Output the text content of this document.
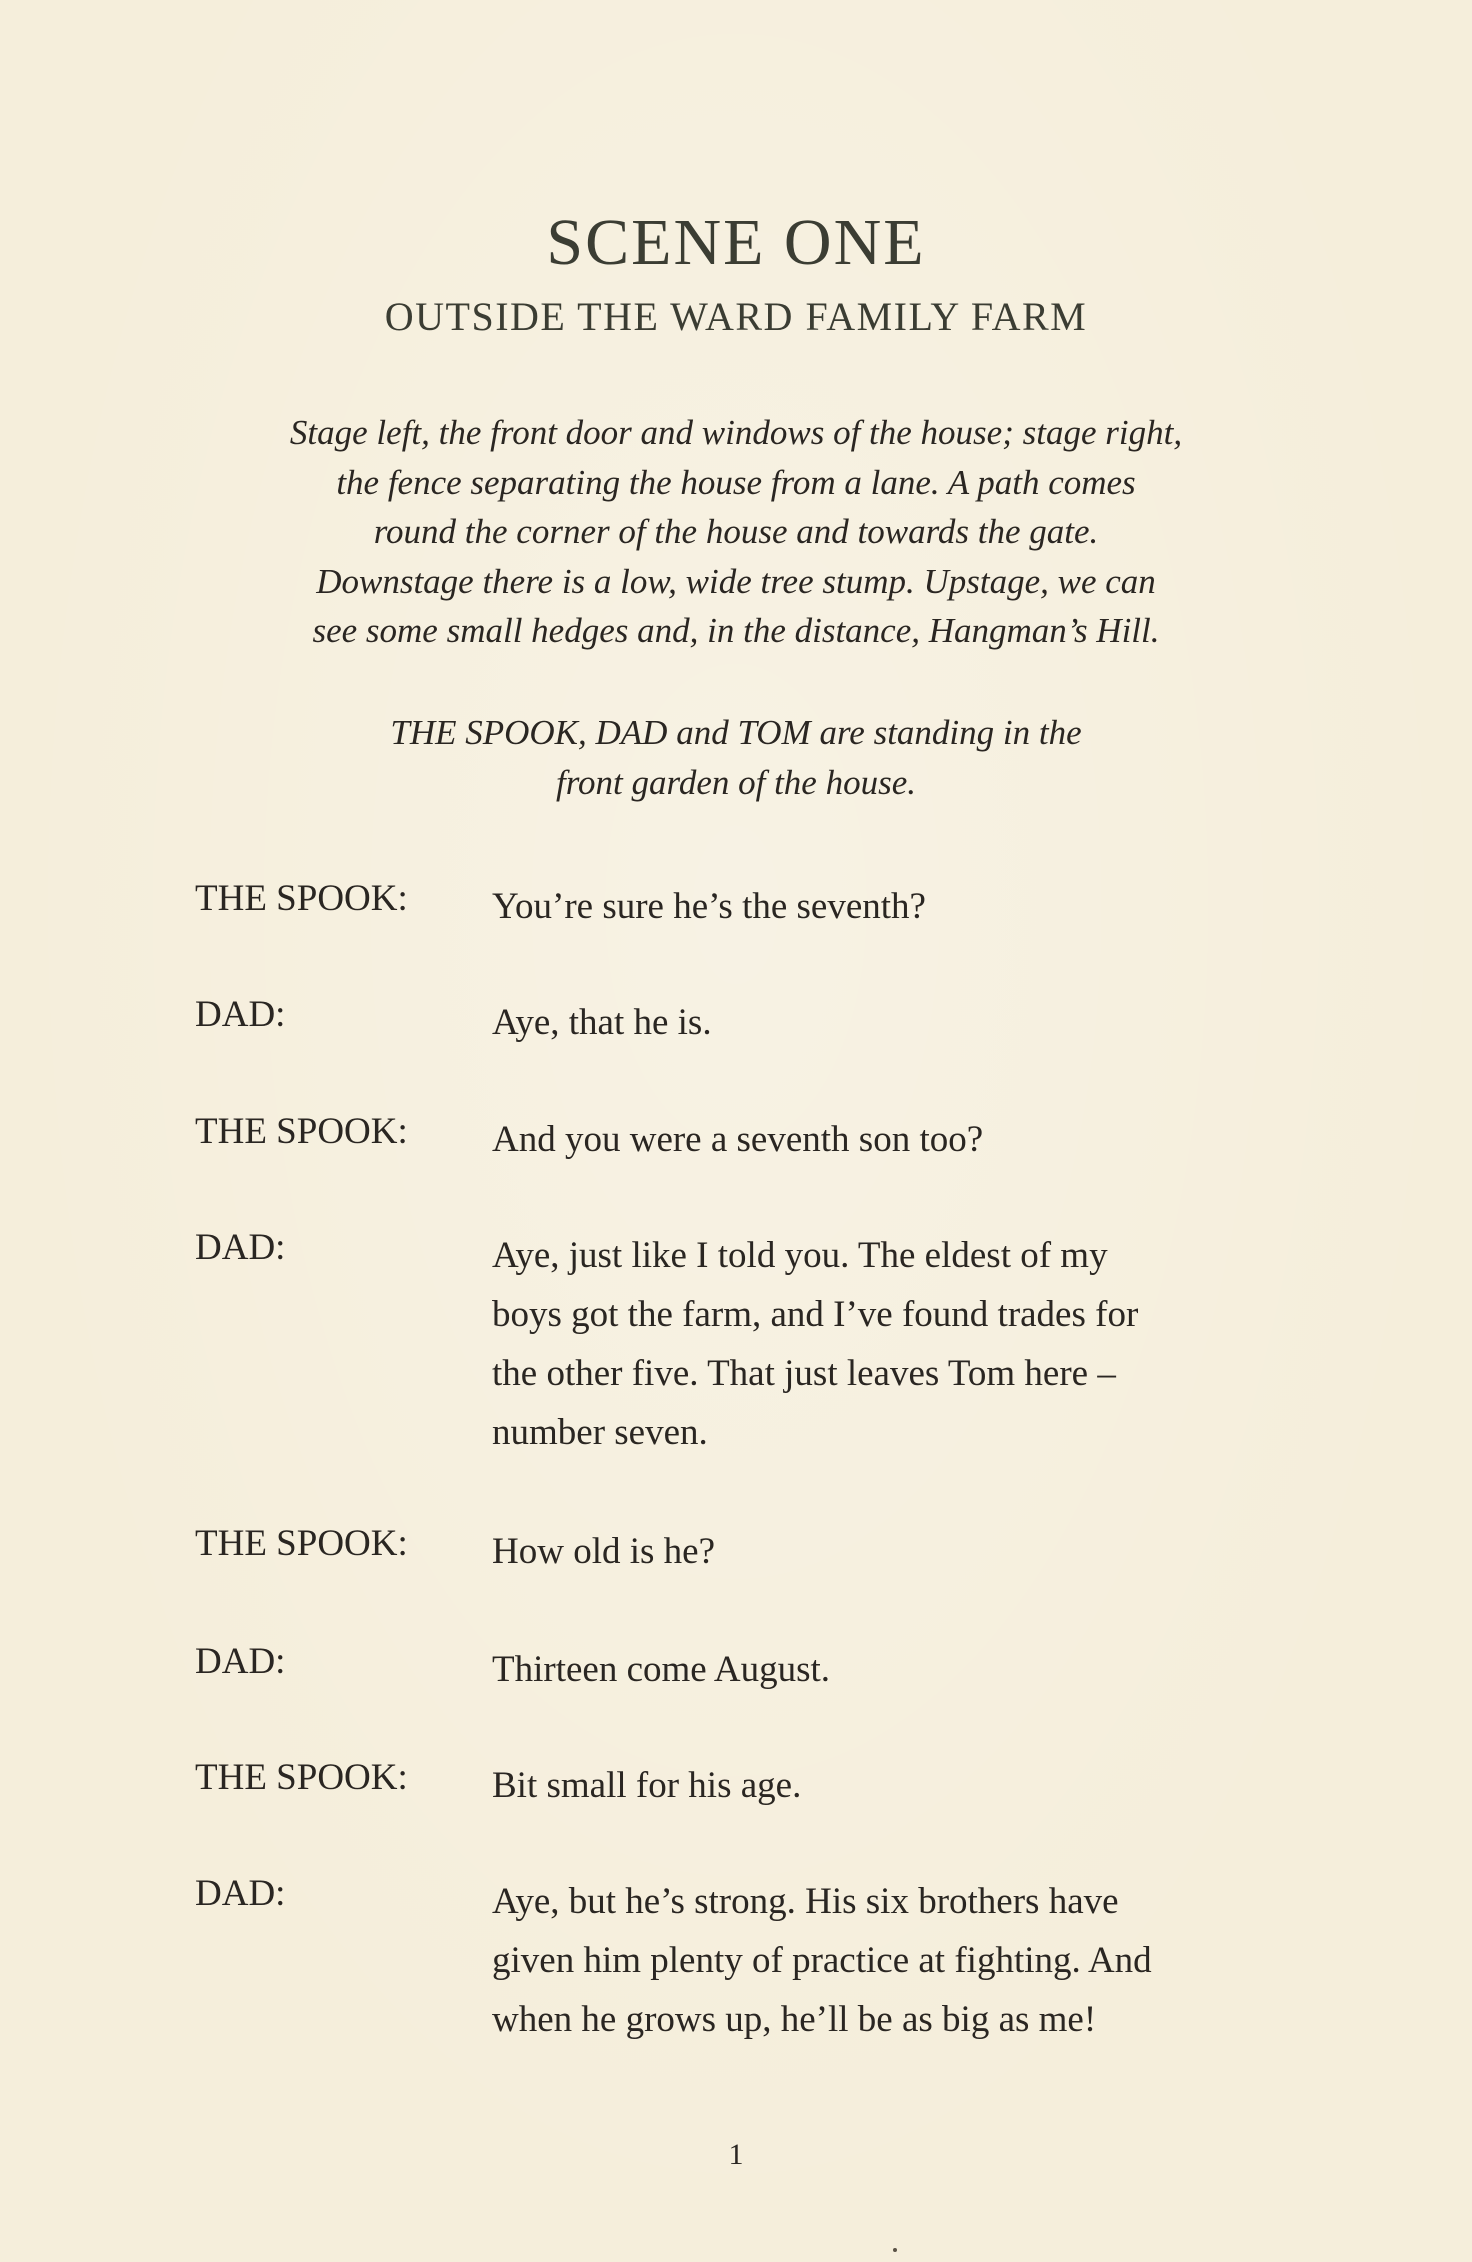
SCENE ONE
OUTSIDE THE WARD FAMILY FARM
Stage left, the front door and windows of the house; stage right,
the fence separating the house from a lane. A path comes
round the corner of the house and towards the gate.
Downstage there is a low, wide tree stump. Upstage, we can
see some small hedges and, in the distance, Hangman’s Hill.
THE SPOOK, DAD and TOM are standing in the
front garden of the house.
THE SPOOK: You’re sure he’s the seventh?
DAD:	Aye, that he is.
THE SPOOK: And you were a seventh son too?
DAD:	Aye, just like I told you. The eldest of my
boys got the farm, and I’ve found trades for
the other five. That just leaves Tom here –
number seven.
THE SPOOK: How old is he?
DAD:	Thirteen come August.
THE SPOOK: Bit small for his age.
DAD:	Aye, but he’s strong. His six brothers have
given him plenty of practice at fighting. And
when he grows up, he’ll be as big as me!
1
